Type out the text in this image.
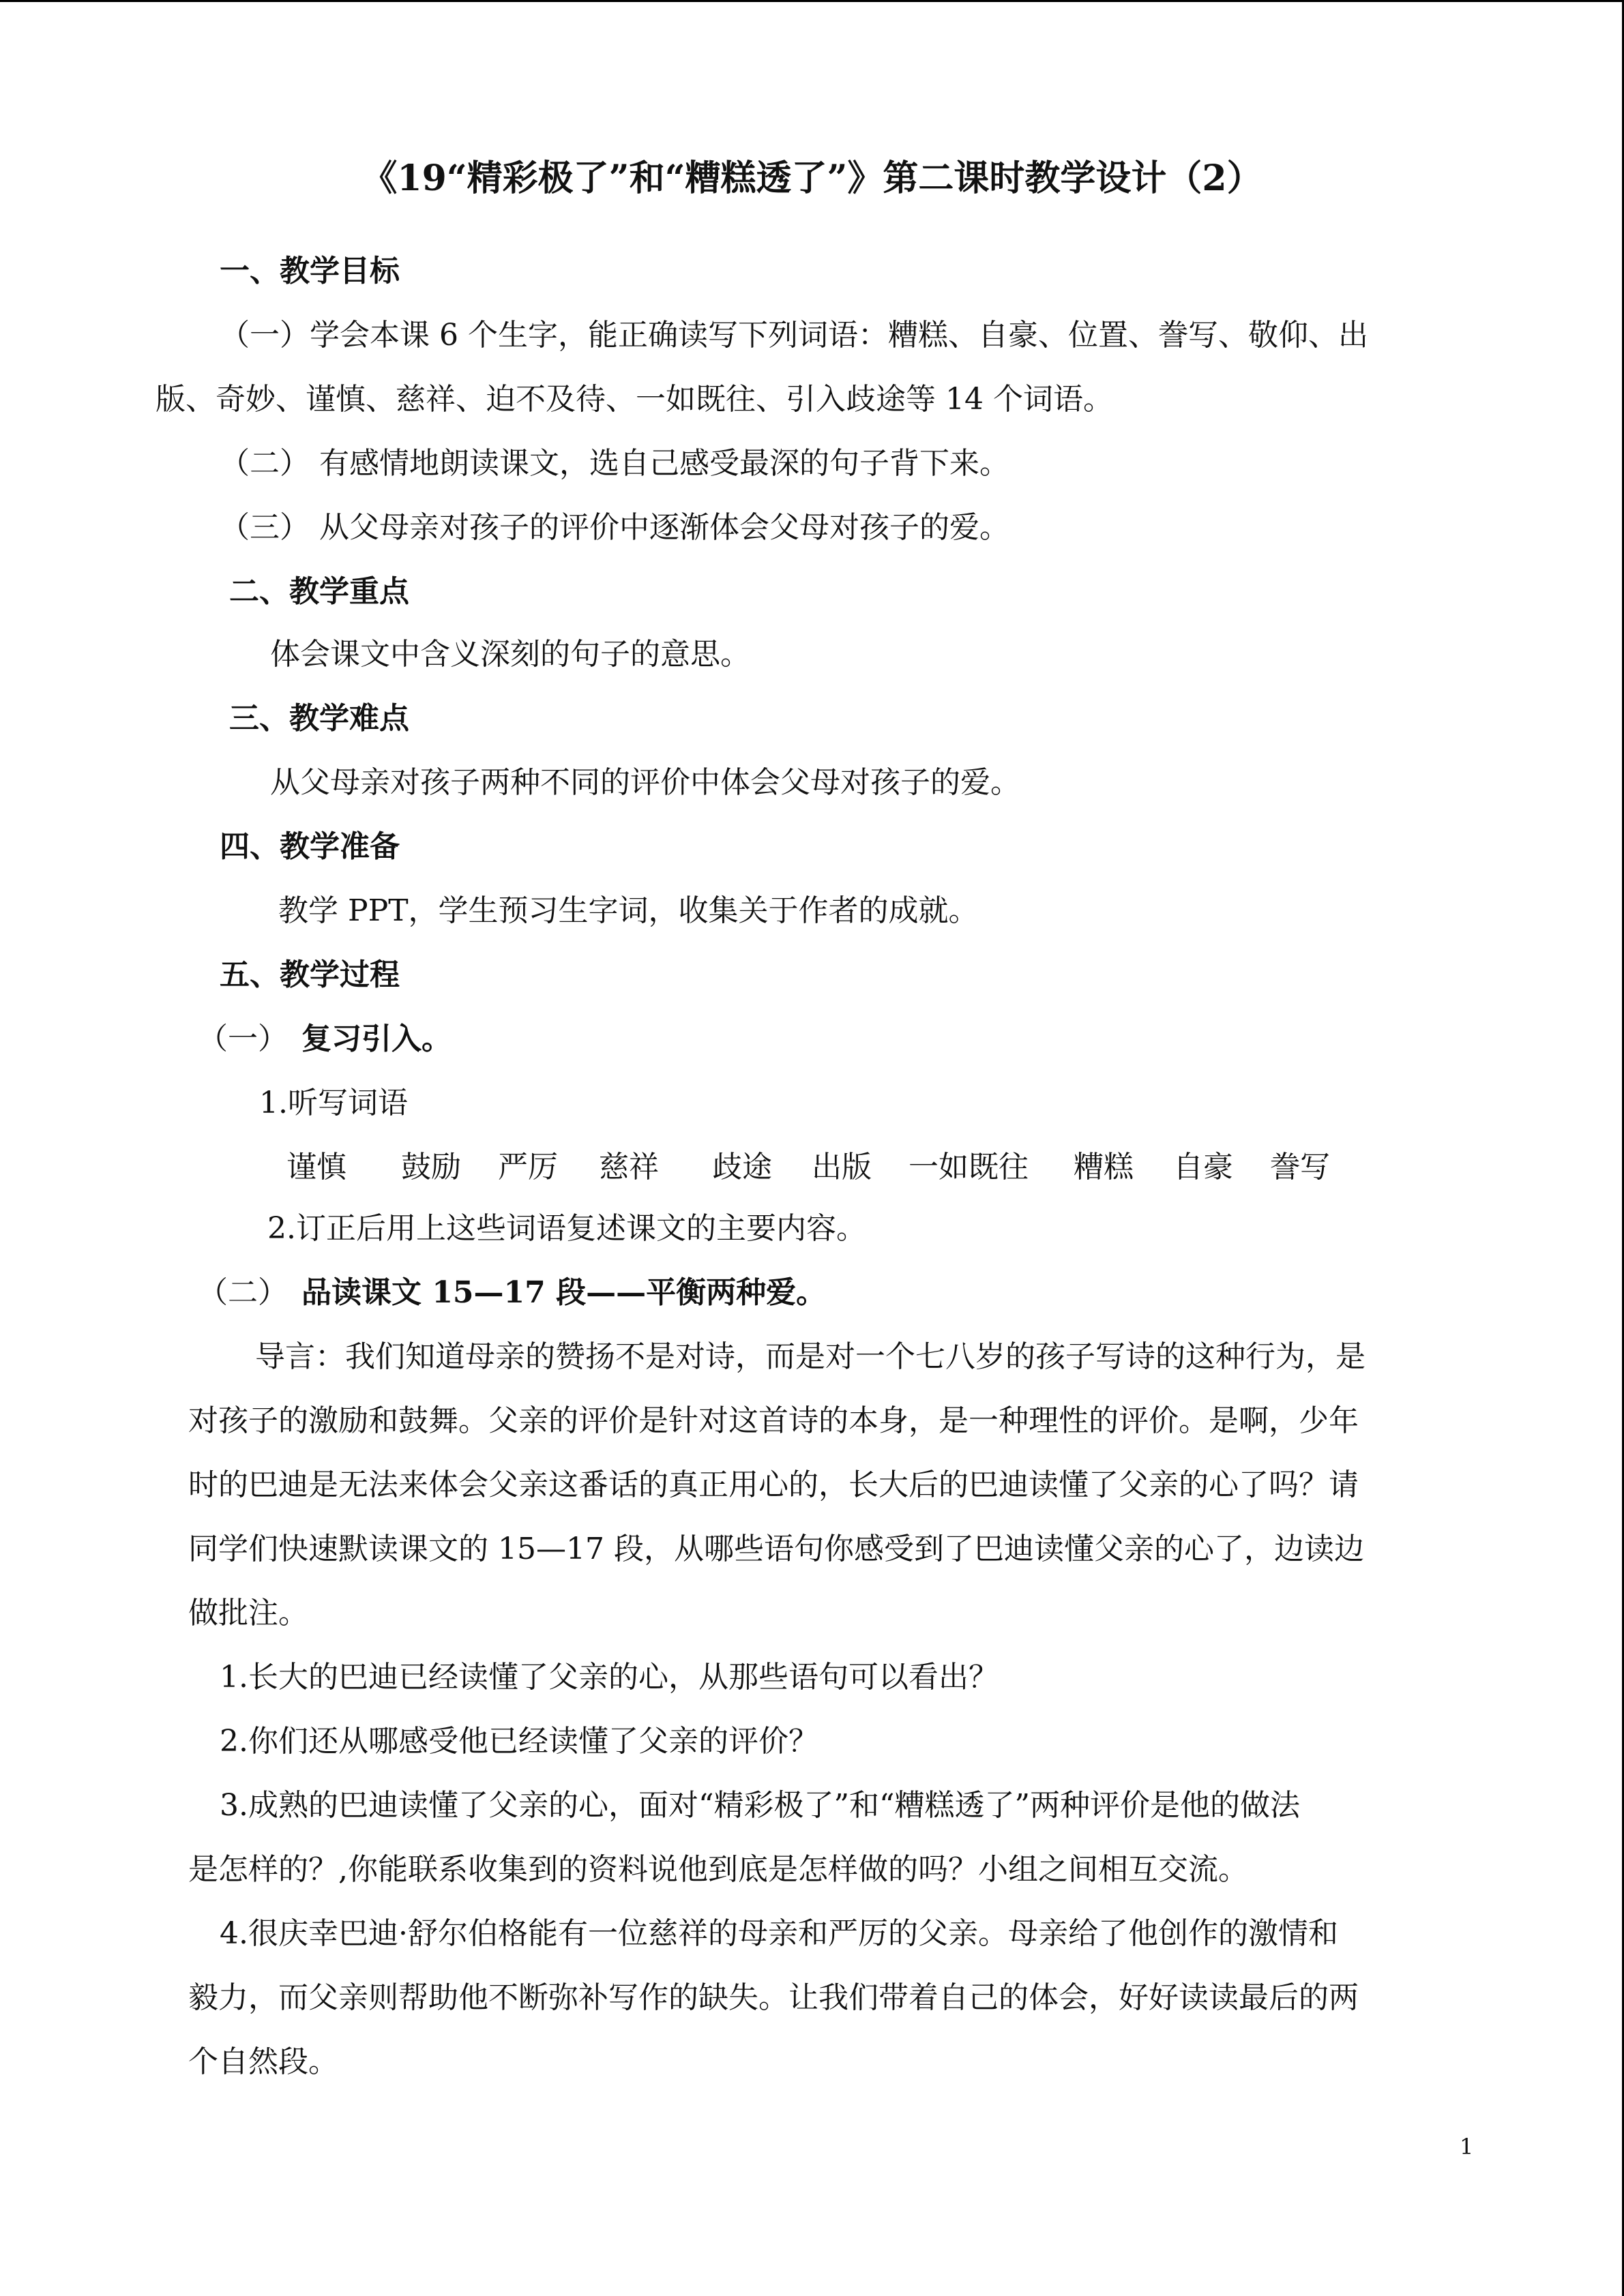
《19“精彩极了”和“糟糕透了”》第二课时教学设计（2）
一、教学目标
（一）学会本课 6 个生字，能正确读写下列词语：糟糕、自豪、位置、誊写、敬仰、出
版、奇妙、谨慎、慈祥、迫不及待、一如既往、引入歧途等 14 个词语。
（二） 有感情地朗读课文，选自己感受最深的句子背下来。
（三） 从父母亲对孩子的评价中逐渐体会父母对孩子的爱。
二、教学重点
体会课文中含义深刻的句子的意思。
三、教学难点
从父母亲对孩子两种不同的评价中体会父母对孩子的爱。
四、教学准备
教学 PPT，学生预习生字词，收集关于作者的成就。
五、教学过程
（一） 复习引入。
1.听写词语
谨慎 鼓励 严厉 慈祥 歧途 出版 一如既往 糟糕 自豪 誊写
2.订正后用上这些词语复述课文的主要内容。
（二） 品读课文 15—17 段——平衡两种爱。
导言：我们知道母亲的赞扬不是对诗，而是对一个七八岁的孩子写诗的这种行为，是
对孩子的激励和鼓舞。父亲的评价是针对这首诗的本身，是一种理性的评价。是啊，少年
时的巴迪是无法来体会父亲这番话的真正用心的，长大后的巴迪读懂了父亲的心了吗？请
同学们快速默读课文的 15—17 段，从哪些语句你感受到了巴迪读懂父亲的心了，边读边
做批注。
1.长大的巴迪已经读懂了父亲的心，从那些语句可以看出？
2.你们还从哪感受他已经读懂了父亲的评价？
3.成熟的巴迪读懂了父亲的心，面对“精彩极了”和“糟糕透了”两种评价是他的做法
是怎样的？,你能联系收集到的资料说他到底是怎样做的吗？小组之间相互交流。
4.很庆幸巴迪·舒尔伯格能有一位慈祥的母亲和严厉的父亲。母亲给了他创作的激情和
毅力，而父亲则帮助他不断弥补写作的缺失。让我们带着自己的体会，好好读读最后的两
个自然段。
1
